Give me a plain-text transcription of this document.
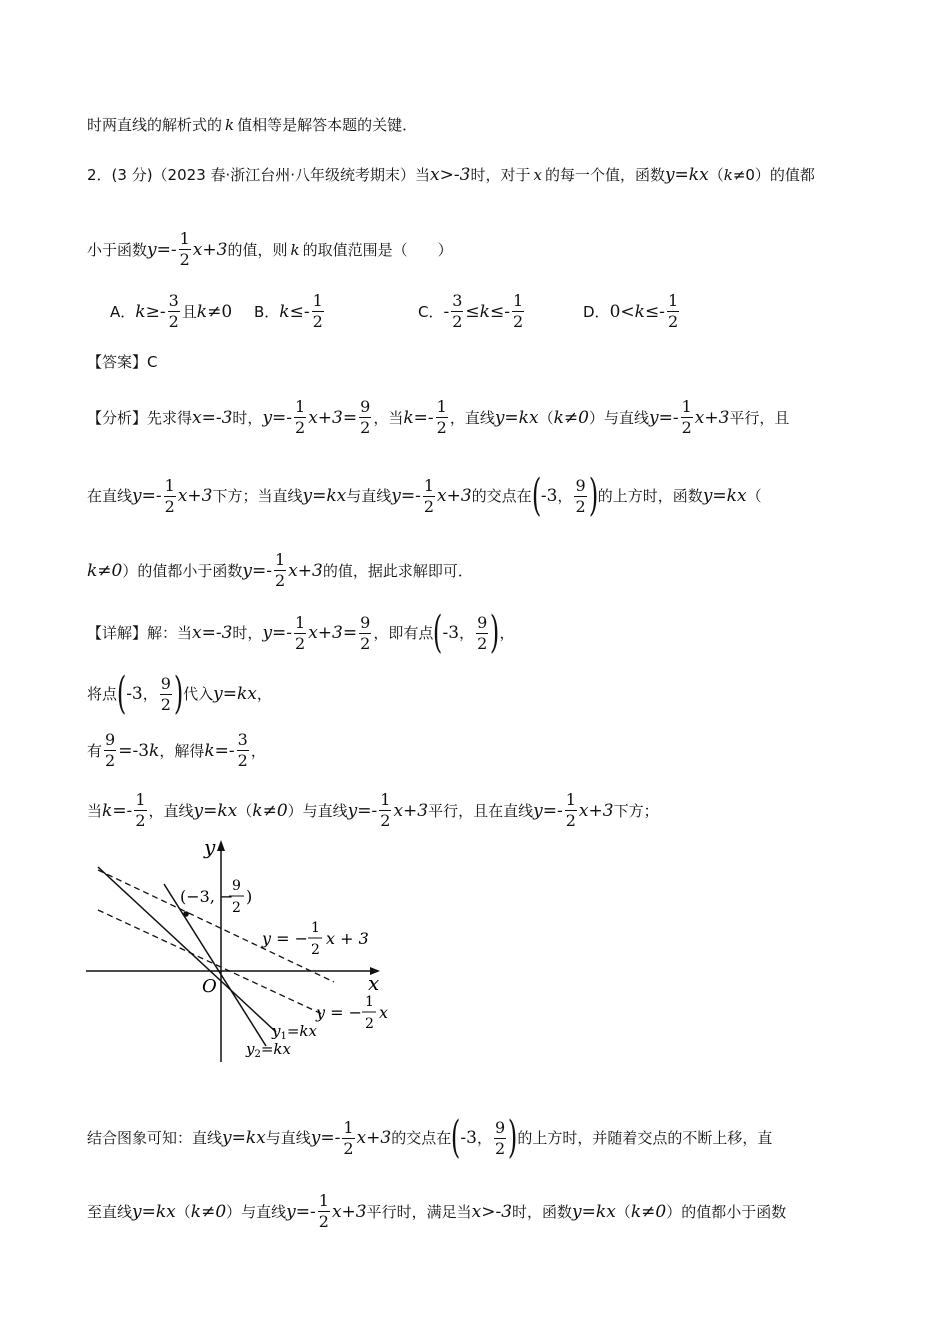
时两直线的解析式的 k 值相等是解答本题的关键．
2．(3 分)（2023 春·浙江台州·八年级统考期末）当 x>-3 时，对于 x 的每一个值，函数 y=kx （ k ≠0）的值都
小于函数 $y=- \frac{1}{2} x+3$ 的值，则 k 的取值范围是（　　）
A． $k \ge- \frac{3}{2}$ 且 k ≠0 B． $k \le- \frac{1}{2}$	C． - $\frac{3}{2} \le k \le- \frac{1}{2}$	D． $0< k \le- \frac{1}{2}$
【答案】C
【分析】先求得 x=-3 时， $y=- \frac{1}{2} x+3 = \frac{9}{2}$ ，当 $k=- \frac{1}{2}$ ，直线 y=kx （ k≠0 ）与直线 $y=- \frac{1}{2} x+3$ 平行，且
在直线 $y=- \frac{1}{2} x+3$ 下方；当直线 y=kx 与直线 $y=- \frac{1}{2} x+3$ 的交点在 ( -3 ， $\frac{9}{2}$ ) 的上方时，函数 y=kx （
k≠0 ）的值都小于函数 $y=- \frac{1}{2} x+3$ 的值，据此求解即可．
【详解】解：当 x=-3 时， $y=- \frac{1}{2} x+3 = \frac{9}{2}$ ，即有点 ( -3 ， $\frac{9}{2}$ ) ，
将点 ( -3 ， $\frac{9}{2}$ ) 代入 y=kx ，
有 $\frac{9}{2} =-3$ k ，解得 $k=- \frac{3}{2}$ ，
当 $k=- \frac{1}{2}$ ，直线 y=kx （ k≠0 ）与直线 $y=- \frac{1}{2} x+3$ 平行，且在直线 $y=- \frac{1}{2} x+3$ 下方；
y
x
O
(−3, −
9
2
)
y = −
1
2
x + 3
y = −
1
2
x
$y_1=kx$
$y_2=kx$
结合图象可知：直线 y=kx 与直线 $y=- \frac{1}{2} x+3$ 的交点在 ( -3 ， $\frac{9}{2}$ ) 的上方时，并随着交点的不断上移，直
至直线 y=kx （ k≠0 ）与直线 $y=- \frac{1}{2} x+3$ 平行时，满足当 x>-3 时，函数 y=kx （ k≠0 ）的值都小于函数
